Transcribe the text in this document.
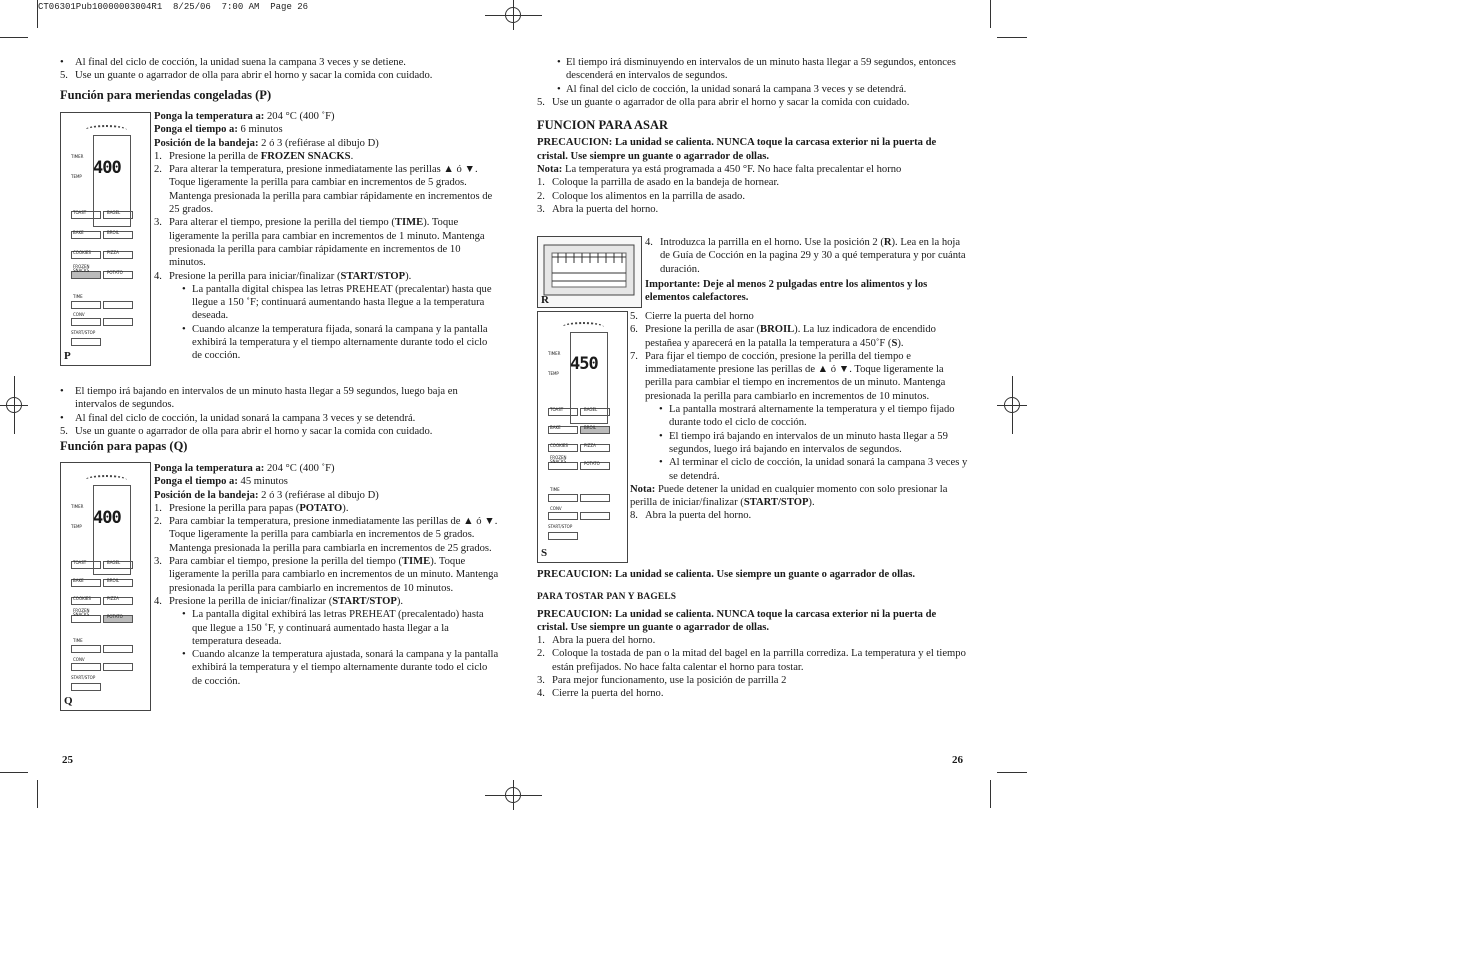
CT06301Pub10000003004R1  8/25/06  7:00 AM  Page 26

• Al final del ciclo de cocción, la unidad suena la campana 3 veces y se detiene.

5. Use un guante o agarrador de olla para abrir el horno y sacar la comida con cuidado.

Función para meriendas congeladas (P)
400
TIMER
TEMP
TOAST	BAGEL
BAKE	BROIL
COOKIES	PIZZA
FROZEN SNACKS	POTATO
TIME
CONV
START/STOP
P

Ponga la temperatura a: 204 °C (400 ˚F)

Ponga el tiempo a: 6 minutos

Posición de la bandeja: 2 ó 3 (refiérase al dibujo D)

1. Presione la perilla de FROZEN SNACKS.

2. Para alterar la temperatura, presione inmediatamente las perillas ▲ ó ▼. Toque ligeramente la perilla para cambiar en incrementos de 5 grados. Mantenga presionada la perilla para cambiar rápidamente en incrementos de 25 grados.

3. Para alterar el tiempo, presione la perilla del tiempo (TIME). Toque ligeramente la perilla para cambiar en incrementos de 1 minuto. Mantenga presionada la perilla para cambiar rápidamente en incrementos de 10 minutos.

4. Presione la perilla para iniciar/finalizar (START/STOP).

• La pantalla digital chispea las letras PREHEAT (precalentar) hasta que llegue a 150 ˚F; continuará aumentando hasta llegue a la temperatura deseada.

• Cuando alcanze la temperatura fijada, sonará la campana y la pantalla exhibirá la temperatura y el tiempo alternamente durante todo el ciclo de cocción.

• El tiempo irá bajando en intervalos de un minuto hasta llegar a 59 segundos, luego baja en intervalos de segundos.

• Al final del ciclo de cocción, la unidad sonará la campana 3 veces y se detendrá.

5. Use un guante o agarrador de olla para abrir el horno y sacar la comida con cuidado.

Función para papas (Q)
400
TIMER
TEMP
TOAST	BAGEL
BAKE	BROIL
COOKIES	PIZZA
FROZEN SNACKS	POTATO
TIME
CONV
START/STOP
Q

Ponga la temperatura a: 204 °C (400 ˚F)

Ponga el tiempo a: 45 minutos

Posición de la bandeja: 2 ó 3 (refiérase al dibujo D)

1. Presione la perilla para papas (POTATO).

2. Para cambiar la temperatura, presione inmediatamente las perillas de ▲ ó ▼. Toque ligeramente la perilla para cambiarla en incrementos de 5 grados. Mantenga presionada la perilla para cambiarla en incrementos de 25 grados.

3. Para cambiar el tiempo, presione la perilla del tiempo (TIME). Toque ligeramente la perilla para cambiarlo en incrementos de un minuto. Mantenga presionada la perilla para cambiarlo en incrementos de 10 minutos.

4. Presione la perilla de iniciar/finalizar (START/STOP).

• La pantalla digital exhibirá las letras PREHEAT (precalentado) hasta que llegue a 150 ˚F, y continuará aumentado hasta llegar a la temperatura deseada.

• Cuando alcanze la temperatura ajustada, sonará la campana y la pantalla exhibirá la temperatura y el tiempo alternamente durante todo el ciclo de cocción.

25

• El tiempo irá disminuyendo en intervalos de un minuto hasta llegar a 59 segundos, entonces descenderá en intervalos de segundos.

• Al final del ciclo de cocción, la unidad sonará la campana 3 veces y se detendrá.

5. Use un guante o agarrador de olla para abrir el horno y sacar la comida con cuidado.

FUNCION PARA ASAR

PRECAUCION: La unidad se calienta. NUNCA toque la carcasa exterior ni la puerta de cristal. Use siempre un guante o agarrador de ollas.

Nota: La temperatura ya está programada a 450 °F. No hace falta precalentar el horno

1. Coloque la parrilla de asado en la bandeja de hornear.

2. Coloque los alimentos en la parrilla de asado.

3. Abra la puerta del horno.

R

4. Introduzca la parrilla en el horno. Use la posición 2 (R). Lea en la hoja de Guía de Cocción en la pagina 29 y 30 a qué temperatura y por cuánta duración.

Importante: Deje al menos 2 pulgadas entre los alimentos y los elementos calefactores.

450
TIMER
TEMP
TOAST	BAGEL
BAKE	BROIL
COOKIES	PIZZA
FROZEN SNACKS	POTATO
TIME
CONV
START/STOP
S

5. Cierre la puerta del horno

6. Presione la perilla de asar (BROIL). La luz indicadora de encendido pestañea y aparecerá en la patalla la temperatura a 450˚F (S).

7. Para fijar el tiempo de cocción, presione la perilla del tiempo e immediatamente presione las perillas de ▲ ó ▼. Toque ligeramente la perilla para cambiar el tiempo en incrementos de un minuto. Mantenga presionada la perilla para cambiarlo en incrementos de 10 minutos.

• La pantalla mostrará alternamente la temperatura y el tiempo fijado durante todo el ciclo de cocción.

• El tiempo irá bajando en intervalos de un minuto hasta llegar a 59 segundos, luego irá bajando en intervalos de segundos.

• Al terminar el ciclo de cocción, la unidad sonará la campana 3 veces y se detendrá.

Nota: Puede detener la unidad en cualquier momento con solo presionar la perilla de iniciar/finalizar (START/STOP).

8. Abra la puerta del horno.

PRECAUCION: La unidad se calienta. Use siempre un guante o agarrador de ollas.

PARA TOSTAR PAN Y BAGELS

PRECAUCION: La unidad se calienta. NUNCA toque la carcasa exterior ni la puerta de cristal. Use siempre un guante o agarrador de ollas.

1. Abra la puera del horno.

2. Coloque la tostada de pan o la mitad del bagel en la parrilla corrediza. La temperatura y el tiempo están prefijados. No hace falta calentar el horno para tostar.

3. Para mejor funcionamento, use la posición de parrilla 2

4. Cierre la puerta del horno.

26
